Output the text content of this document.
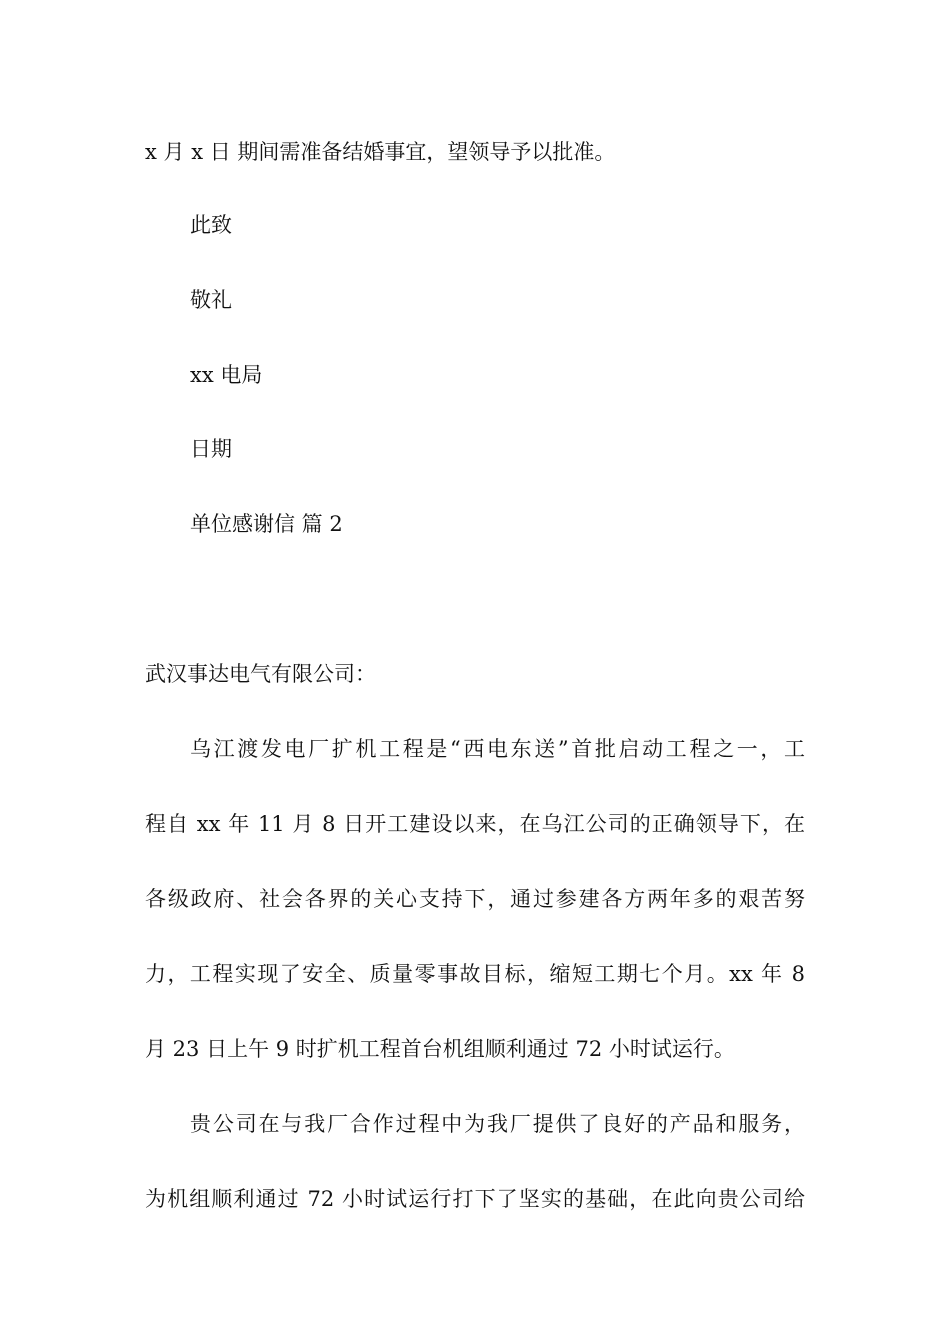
x 月 x 日 期间需准备结婚事宜，望领导予以批准。
此致
敬礼
xx 电局
日期
单位感谢信 篇 2
武汉事达电气有限公司：
乌江渡发电厂扩机工程是“西电东送”首批启动工程之一，工
程自 xx 年 11 月 8 日开工建设以来，在乌江公司的正确领导下，在
各级政府、社会各界的关心支持下，通过参建各方两年多的艰苦努
力，工程实现了安全、质量零事故目标，缩短工期七个月。xx 年 8
月 23 日上午 9 时扩机工程首台机组顺利通过 72 小时试运行。
贵公司在与我厂合作过程中为我厂提供了良好的产品和服务，
为机组顺利通过 72 小时试运行打下了坚实的基础，在此向贵公司给
